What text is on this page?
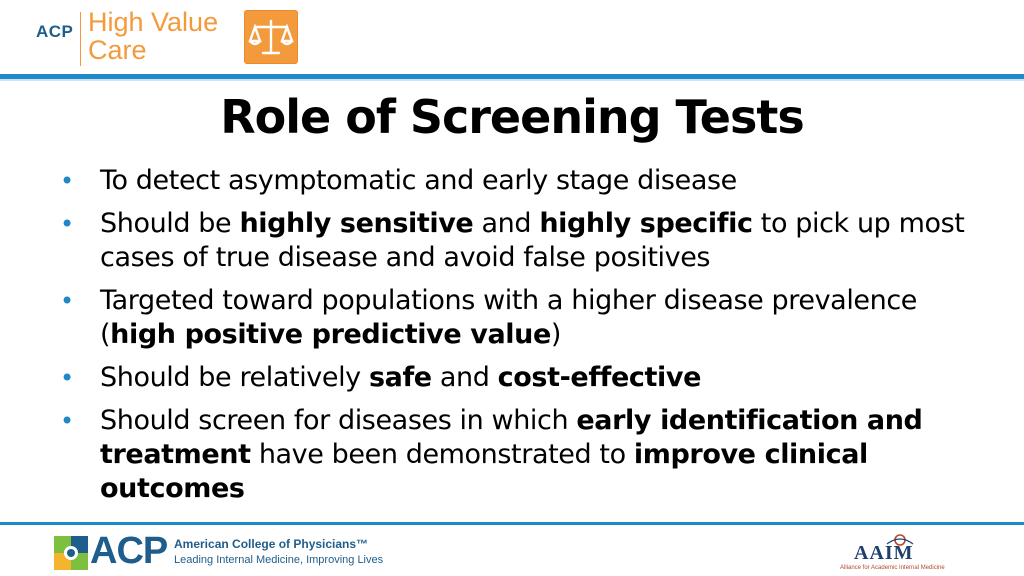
ACP High Value
Care
Role of Screening Tests
• To detect asymptomatic and early stage disease
• Should be highly sensitive and highly specific to pick up most cases of true disease and avoid false positives
• Targeted toward populations with a higher disease prevalence (high positive predictive value)
• Should be relatively safe and cost-effective
• Should screen for diseases in which early identification and treatment have been demonstrated to improve clinical outcomes
ACP American College of Physicians™
Leading Internal Medicine, Improving Lives	AAIM
Alliance for Academic Internal Medicine
